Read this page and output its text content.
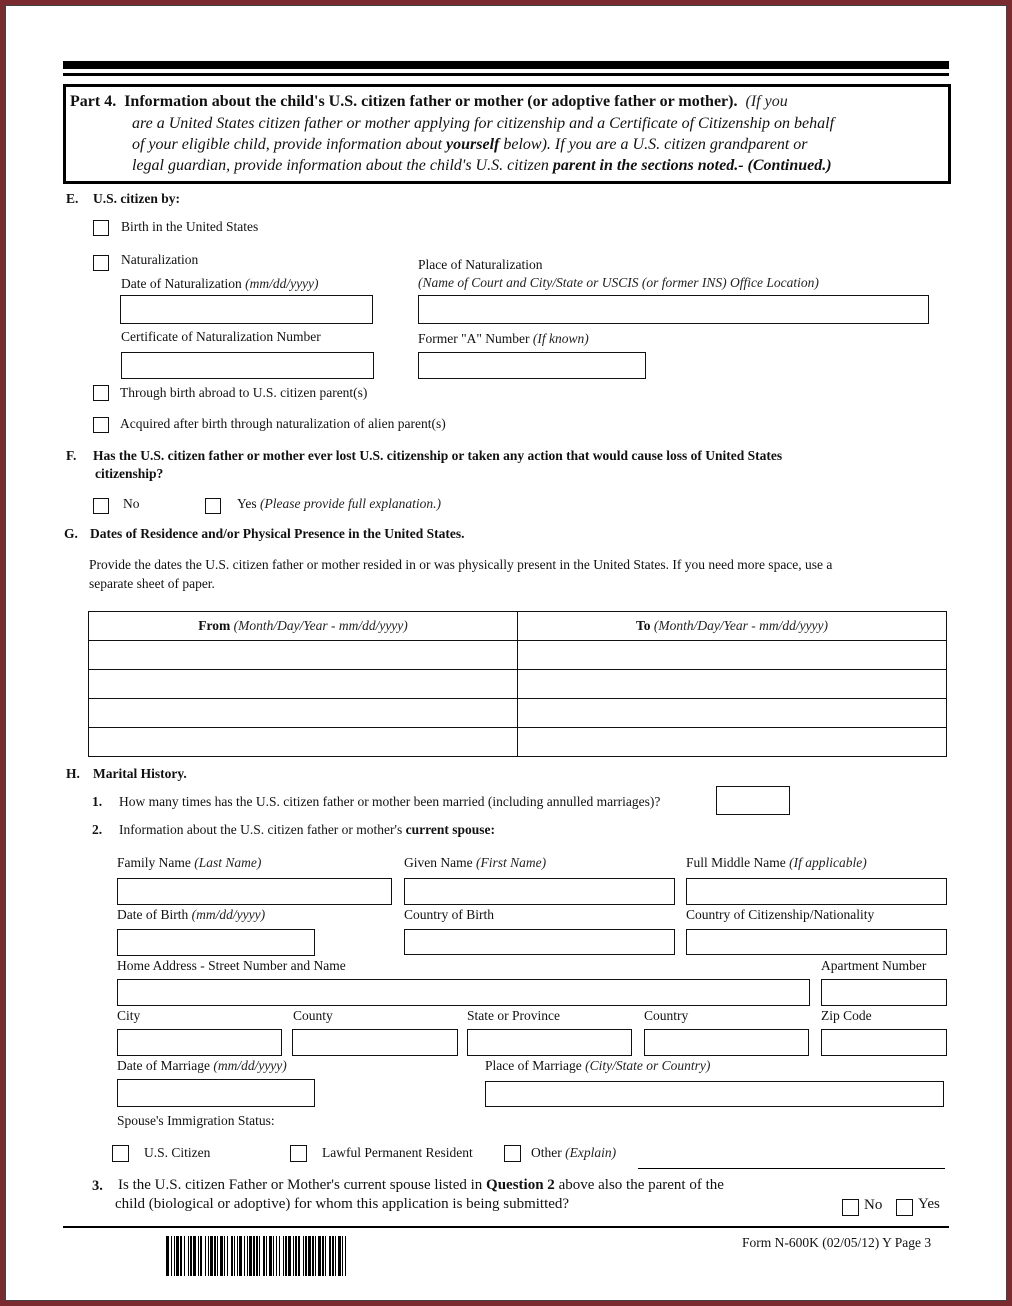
Part 4. Information about the child's U.S. citizen father or mother (or adoptive father or mother). (If you
are a United States citizen father or mother applying for citizenship and a Certificate of Citizenship on behalf
of your eligible child, provide information about yourself below). If you are a U.S. citizen grandparent or
legal guardian, provide information about the child's U.S. citizen parent in the sections noted.- (Continued.)
E. U.S. citizen by:
Birth in the United States
Naturalization
Date of Naturalization (mm/dd/yyyy)
Place of Naturalization
(Name of Court and City/State or USCIS (or former INS) Office Location)
Certificate of Naturalization Number	Former "A" Number (If known)
Through birth abroad to U.S. citizen parent(s)
Acquired after birth through naturalization of alien parent(s)
F. Has the U.S. citizen father or mother ever lost U.S. citizenship or taken any action that would cause loss of United States
citizenship?
No	Yes (Please provide full explanation.)
G. Dates of Residence and/or Physical Presence in the United States.
Provide the dates the U.S. citizen father or mother resided in or was physically present in the United States. If you need more space, use a
separate sheet of paper.
From (Month/Day/Year - mm/dd/yyyy)	To (Month/Day/Year - mm/dd/yyyy)

H. Marital History.
1. How many times has the U.S. citizen father or mother been married (including annulled marriages)?
2. Information about the U.S. citizen father or mother's current spouse:
Family Name (Last Name)	Given Name (First Name)	Full Middle Name (If applicable)
Date of Birth (mm/dd/yyyy)	Country of Birth	Country of Citizenship/Nationality
Home Address - Street Number and Name	Apartment Number
City	County	State or Province	Country	Zip Code
Date of Marriage (mm/dd/yyyy)	Place of Marriage (City/State or Country)
Spouse's Immigration Status:
U.S. Citizen	Lawful Permanent Resident	Other (Explain)
3. Is the U.S. citizen Father or Mother's current spouse listed in Question 2 above also the parent of the
child (biological or adoptive) for whom this application is being submitted?	No Yes
Form N-600K (02/05/12) Y Page 3
